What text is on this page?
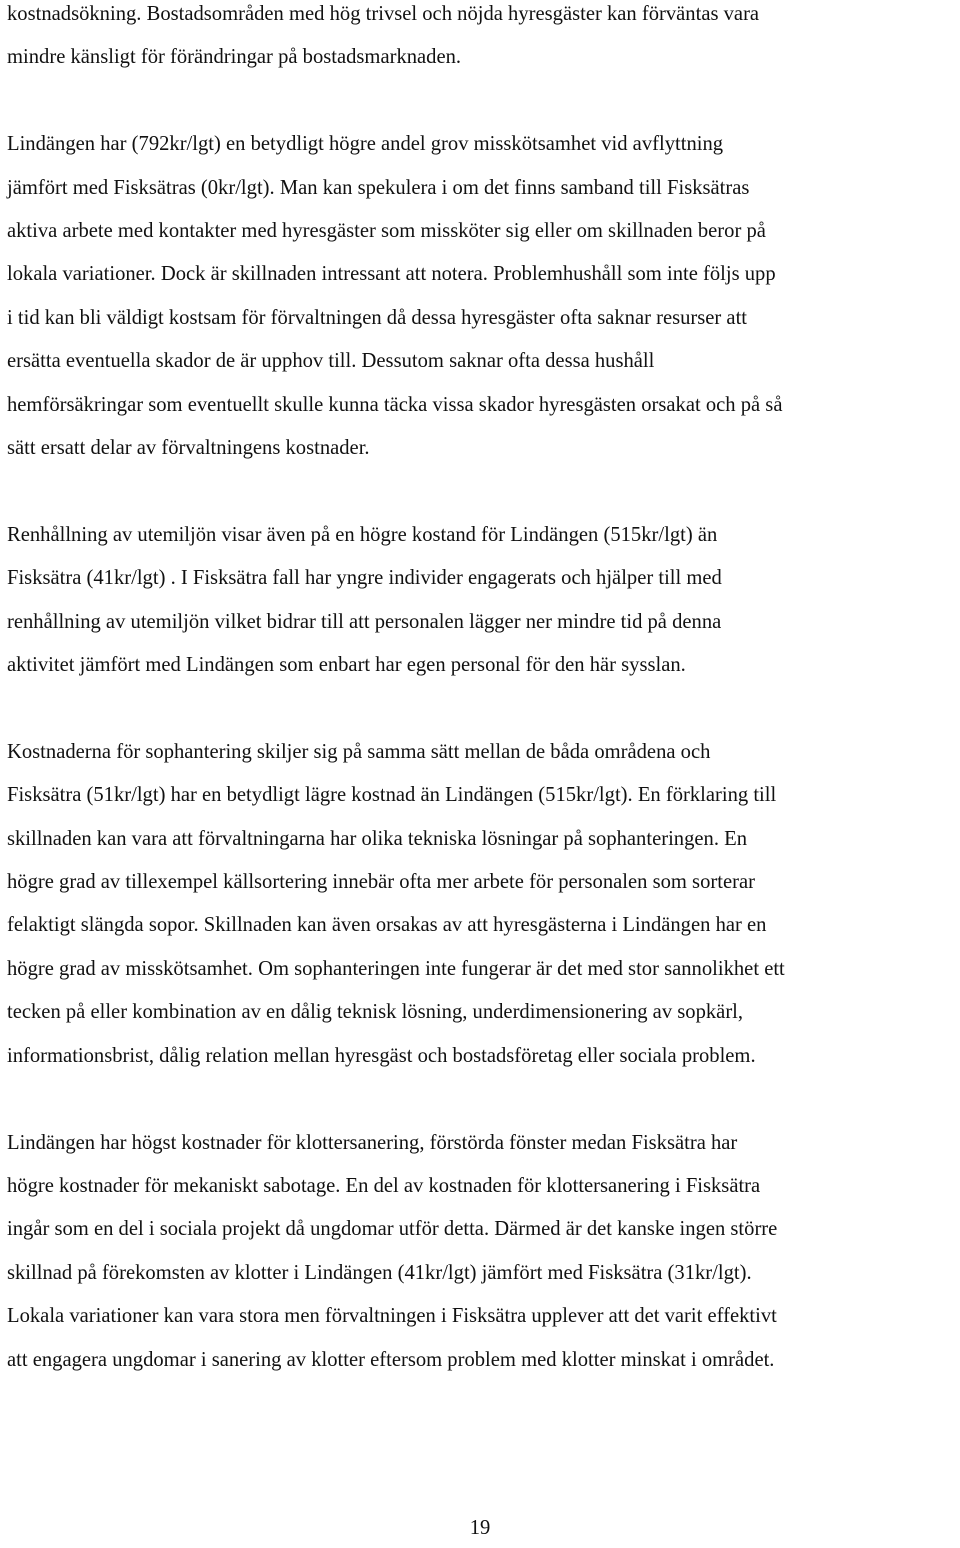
kostnadsökning. Bostadsområden med hög trivsel och nöjda hyresgäster kan förväntas vara
mindre känsligt för förändringar på bostadsmarknaden.

Lindängen har (792kr/lgt) en betydligt högre andel grov misskötsamhet vid avflyttning
jämfört med Fisksätras (0kr/lgt). Man kan spekulera i om det finns samband till Fisksätras
aktiva arbete med kontakter med hyresgäster som missköter sig eller om skillnaden beror på
lokala variationer. Dock är skillnaden intressant att notera. Problemhushåll som inte följs upp
i tid kan bli väldigt kostsam för förvaltningen då dessa hyresgäster ofta saknar resurser att
ersätta eventuella skador de är upphov till. Dessutom saknar ofta dessa hushåll
hemförsäkringar som eventuellt skulle kunna täcka vissa skador hyresgästen orsakat och på så
sätt ersatt delar av förvaltningens kostnader.

Renhållning av utemiljön visar även på en högre kostand för Lindängen (515kr/lgt) än
Fisksätra (41kr/lgt) . I Fisksätra fall har yngre individer engagerats och hjälper till med
renhållning av utemiljön vilket bidrar till att personalen lägger ner mindre tid på denna
aktivitet jämfört med Lindängen som enbart har egen personal för den här sysslan.

Kostnaderna för sophantering skiljer sig på samma sätt mellan de båda områdena och
Fisksätra (51kr/lgt) har en betydligt lägre kostnad än Lindängen (515kr/lgt). En förklaring till
skillnaden kan vara att förvaltningarna har olika tekniska lösningar på sophanteringen. En
högre grad av tillexempel källsortering innebär ofta mer arbete för personalen som sorterar
felaktigt slängda sopor. Skillnaden kan även orsakas av att hyresgästerna i Lindängen har en
högre grad av misskötsamhet. Om sophanteringen inte fungerar är det med stor sannolikhet ett
tecken på eller kombination av en dålig teknisk lösning, underdimensionering av sopkärl,
informationsbrist, dålig relation mellan hyresgäst och bostadsföretag eller sociala problem.

Lindängen har högst kostnader för klottersanering, förstörda fönster medan Fisksätra har
högre kostnader för mekaniskt sabotage. En del av kostnaden för klottersanering i Fisksätra
ingår som en del i sociala projekt då ungdomar utför detta. Därmed är det kanske ingen större
skillnad på förekomsten av klotter i Lindängen (41kr/lgt) jämfört med Fisksätra (31kr/lgt).
Lokala variationer kan vara stora men förvaltningen i Fisksätra upplever att det varit effektivt
att engagera ungdomar i sanering av klotter eftersom problem med klotter minskat i området.

19
